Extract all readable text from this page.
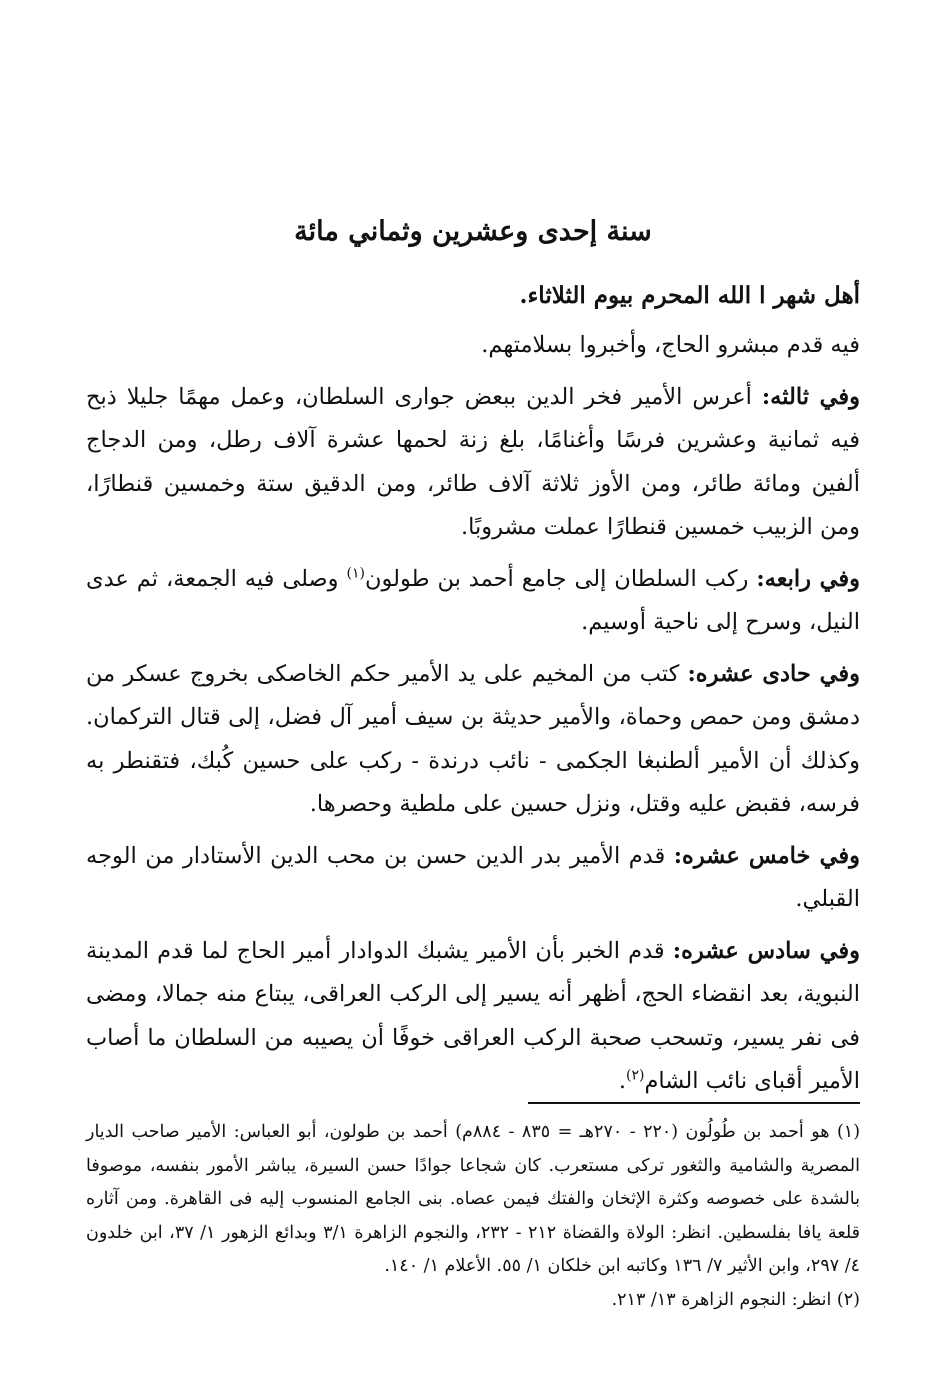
سنة إحدى وعشرين وثماني مائة

أهل شهر ا الله المحرم بيوم الثلاثاء.

فيه قدم مبشرو الحاج، وأخبروا بسلامتهم.

وفي ثالثه: أعرس الأمير فخر الدين ببعض جوارى السلطان، وعمل مهمًا جليلا ذبح فيه ثمانية وعشرين فرسًا وأغنامًا، بلغ زنة لحمها عشرة آلاف رطل، ومن الدجاج ألفين ومائة طائر، ومن الأوز ثلاثة آلاف طائر، ومن الدقيق ستة وخمسين قنطارًا، ومن الزبيب خمسين قنطارًا عملت مشروبًا.

وفي رابعه: ركب السلطان إلى جامع أحمد بن طولون$^{(١)}$ وصلى فيه الجمعة، ثم عدى النيل، وسرح إلى ناحية أوسيم.

وفي حادى عشره: كتب من المخيم على يد الأمير حكم الخاصكى بخروج عسكر من دمشق ومن حمص وحماة، والأمير حديثة بن سيف أمير آل فضل، إلى قتال التركمان. وكذلك أن الأمير ألطنبغا الجكمى - نائب درندة - ركب على حسين كُبك، فتقنطر به فرسه، فقبض عليه وقتل، ونزل حسين على ملطية وحصرها.

وفي خامس عشره: قدم الأمير بدر الدين حسن بن محب الدين الأستادار من الوجه القبلي.

وفي سادس عشره: قدم الخبر بأن الأمير يشبك الدوادار أمير الحاج لما قدم المدينة النبوية، بعد انقضاء الحج، أظهر أنه يسير إلى الركب العراقى، يبتاع منه جمالا، ومضى فى نفر يسير، وتسحب صحبة الركب العراقى خوفًا أن يصيبه من السلطان ما أصاب الأمير أقباى نائب الشام$^{(٢)}$.

(١) هو أحمد بن طُولُون (٢٢٠ - ٢٧٠هـ = ٨٣٥ - ٨٨٤م) أحمد بن طولون، أبو العباس: الأمير صاحب الديار المصرية والشامية والثغور تركى مستعرب. كان شجاعا جوادًا حسن السيرة، يباشر الأمور بنفسه، موصوفا بالشدة على خصوصه وكثرة الإثخان والفتك فيمن عصاه. بنى الجامع المنسوب إليه فى القاهرة. ومن آثاره قلعة يافا بفلسطين. انظر: الولاة والقضاة ٢١٢ - ٢٣٢، والنجوم الزاهرة ٣/١ وبدائع الزهور ١/ ٣٧، ابن خلدون ٤/ ٢٩٧، وابن الأثير ٧/ ١٣٦ وكاتبه ابن خلكان ١/ ٥٥. الأعلام ١/ ١٤٠.

(٢) انظر: النجوم الزاهرة ١٣/ ٢١٣.
